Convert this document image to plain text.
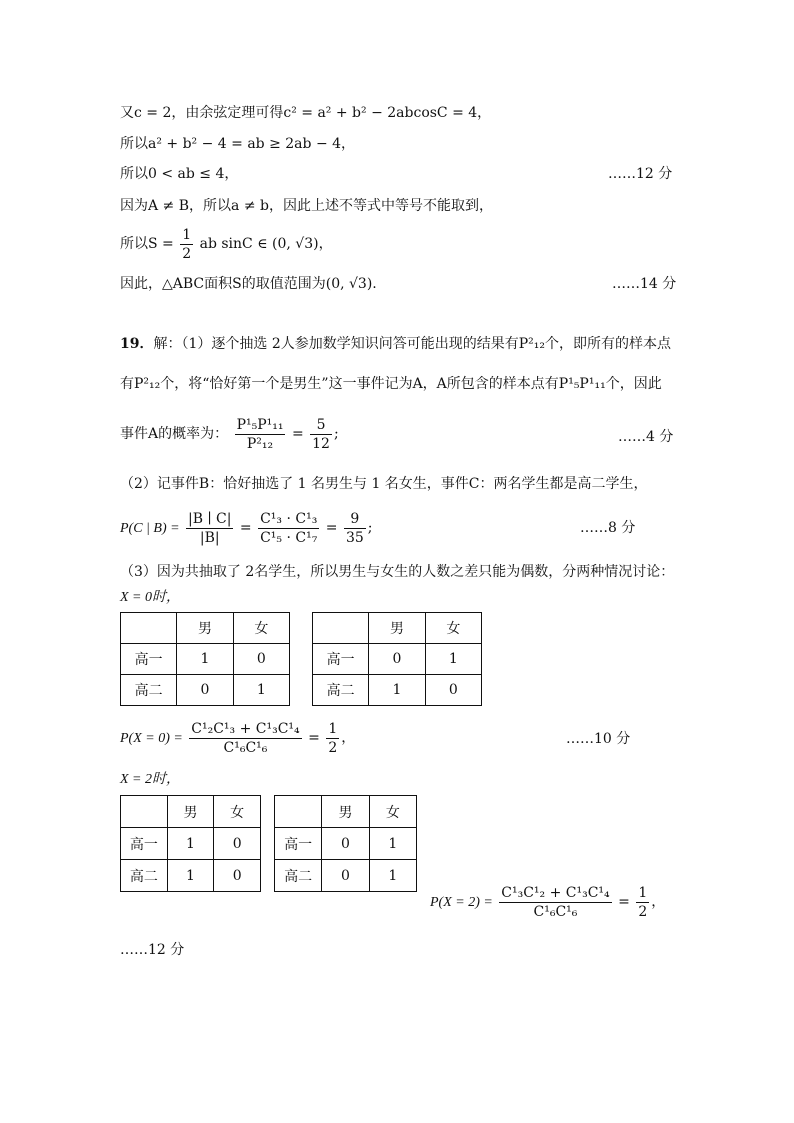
又c = 2，由余弦定理可得c² = a² + b² − 2abcosC = 4，
所以a² + b² − 4 = ab ≥ 2ab − 4，
所以0 < ab ≤ 4，	……12 分
因为A ≠ B，所以a ≠ b，因此上述不等式中等号不能取到，
所以$S = \frac{1}{2}$ ab sinC ∈ (0, √3)，
因此，△ABC面积S的取值范围为(0, √3).	……14 分
19．解：（1）逐个抽选 2人参加数学知识问答可能出现的结果有P²₁₂个，即所有的样本点
有P²₁₂个，将“恰好第一个是男生”这一事件记为A，A所包含的样本点有P¹₅P¹₁₁个，因此
事件A的概率为： $\frac{\text{P¹₅P¹₁₁}}{\text{P²₁₂}} = \frac{5}{12}$ ;	……4 分
（2）记事件B：恰好抽选了 1 名男生与 1 名女生，事件C：两名学生都是高二学生，
P(C | $B) = \frac{|B ∣ C|}{|B|} = \frac{\text{C¹₃ · C¹₃}}{\text{C¹₅ · C¹₇}} = \frac{9}{35}$ ;	……8 分
（3）因为共抽取了 2名学生，所以男生与女生的人数之差只能为偶数，分两种情况讨论：
X = 0时，
	男	女
高一	1	0
高二	0	1
	男	女
高一	0	1
高二	1	0
$P(X = 0) = \frac{\text{C¹₂C¹₃ + C¹₃C¹₄}}{\text{C¹₆C¹₆}} = \frac{1}{2}$ ，	……10 分
X = 2时，
	男	女
高一	1	0
高二	1	0
	男	女
高一	0	1
高二	0	1
$P(X = 2) = \frac{\text{C¹₃C¹₂ + C¹₃C¹₄}}{\text{C¹₆C¹₆}} = \frac{1}{2}$ ，
……12 分
